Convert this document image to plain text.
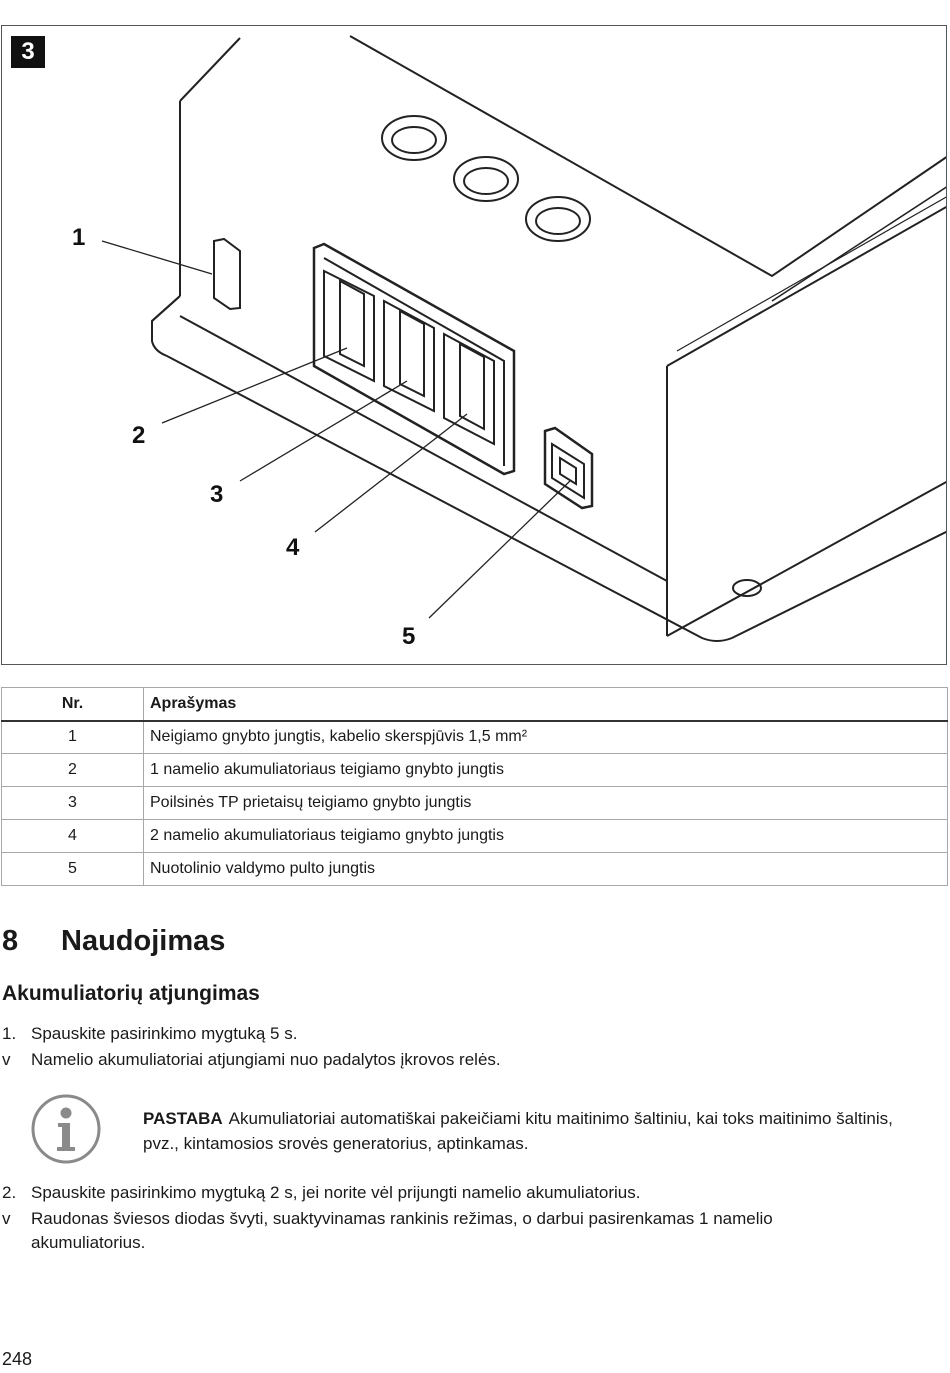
3
1
2
3
4
5
Nr.	Aprašymas
1	Neigiamo gnybto jungtis, kabelio skerspjūvis 1,5 mm²
2	1 namelio akumuliatoriaus teigiamo gnybto jungtis
3	Poilsinės TP prietaisų teigiamo gnybto jungtis
4	2 namelio akumuliatoriaus teigiamo gnybto jungtis
5	Nuotolinio valdymo pulto jungtis
8	Naudojimas
Akumuliatorių atjungimas
1. Spauskite pasirinkimo mygtuką 5 s.
v Namelio akumuliatoriai atjungiami nuo padalytos įkrovos relės.
PASTABA Akumuliatoriai automatiškai pakeičiami kitu maitinimo šaltiniu, kai toks maitinimo šaltinis, pvz., kintamosios srovės generatorius, aptinkamas.
2. Spauskite pasirinkimo mygtuką 2 s, jei norite vėl prijungti namelio akumuliatorius.
v Raudonas šviesos diodas švyti, suaktyvinamas rankinis režimas, o darbui pasirenkamas 1 namelio akumuliatorius.
248
